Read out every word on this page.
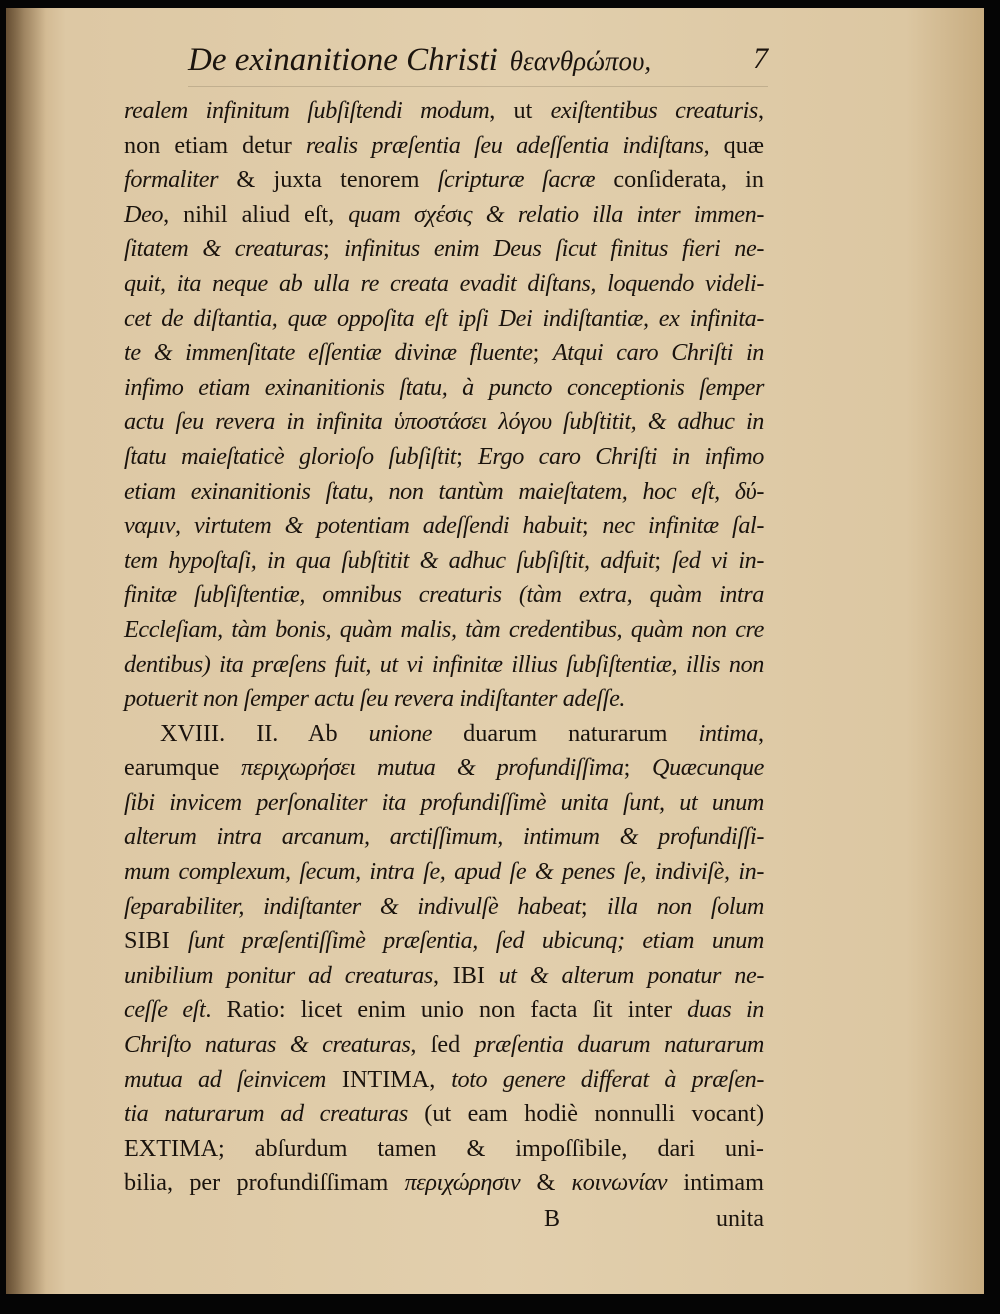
De exinanitione Christi θεανθρώπου,	7
realem infinitum ſubſiſtendi modum, ut exiſtentibus creaturis,
non etiam detur realis præſentia ſeu adeſſentia indiſtans, quæ
formaliter & juxta tenorem ſcripturæ ſacræ conſiderata, in
Deo, nihil aliud eſt, quam σχέσις & relatio illa inter immen-
ſitatem & creaturas; infinitus enim Deus ſicut finitus fieri ne-
quit, ita neque ab ulla re creata evadit diſtans, loquendo videli-
cet de diſtantia, quæ oppoſita eſt ipſi Dei indiſtantiæ, ex infinita-
te & immenſitate eſſentiæ divinæ fluente; Atqui caro Chriſti in
infimo etiam exinanitionis ſtatu, à puncto conceptionis ſemper
actu ſeu revera in infinita ὑποστάσει λόγου ſubſtitit, & adhuc in
ſtatu maieſtaticè glorioſo ſubſiſtit; Ergo caro Chriſti in infimo
etiam exinanitionis ſtatu, non tantùm maieſtatem, hoc eſt, δύ-
ναμιν, virtutem & potentiam adeſſendi habuit; nec infinitæ ſal-
tem hypoſtaſi, in qua ſubſtitit & adhuc ſubſiſtit, adfuit; ſed vi in-
finitæ ſubſiſtentiæ, omnibus creaturis (tàm extra, quàm intra
Eccleſiam, tàm bonis, quàm malis, tàm credentibus, quàm non cre
dentibus) ita præſens fuit, ut vi infinitæ illius ſubſiſtentiæ, illis non
potuerit non ſemper actu ſeu revera indiſtanter adeſſe.
XVIII. II. Ab unione duarum naturarum intima,
earumque περιχωρήσει mutua & profundiſſima; Quæcunque
ſibi invicem perſonaliter ita profundiſſimè unita ſunt, ut unum
alterum intra arcanum, arctiſſimum, intimum & profundiſſi-
mum complexum, ſecum, intra ſe, apud ſe & penes ſe, indiviſè, in-
ſeparabiliter, indiſtanter & indivulſè habeat; illa non ſolum
SIBI ſunt præſentiſſimè præſentia, ſed ubicunq; etiam unum
unibilium ponitur ad creaturas, IBI ut & alterum ponatur ne-
ceſſe eſt. Ratio: licet enim unio non facta ſit inter duas in
Chriſto naturas & creaturas, ſed præſentia duarum naturarum
mutua ad ſeinvicem INTIMA, toto genere differat à præſen-
tia naturarum ad creaturas (ut eam hodiè nonnulli vocant)
EXTIMA; abſurdum tamen & impoſſibile, dari uni-
bilia, per profundiſſimam περιχώρησιν & κοινωνίαν intimam
B	unita
